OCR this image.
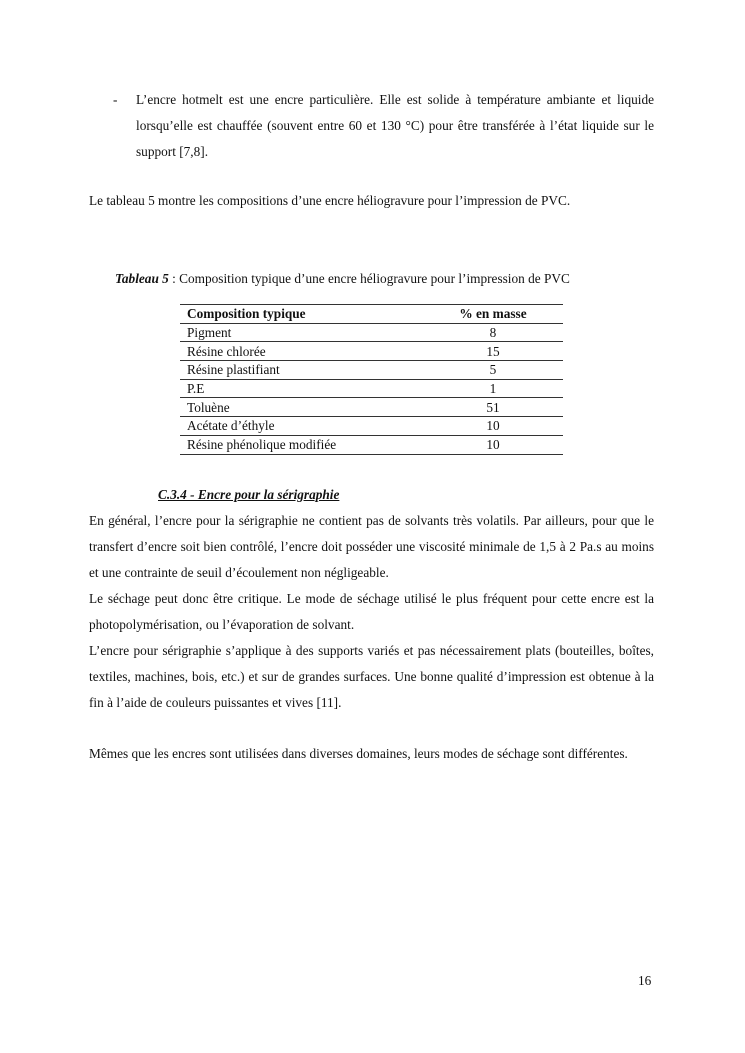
- L’encre hotmelt est une encre particulière. Elle est solide à température ambiante et liquide lorsqu’elle est chauffée (souvent entre 60 et 130 °C) pour être transférée à l’état liquide sur le support [7,8].
Le tableau 5 montre les compositions d’une encre héliogravure pour l’impression de PVC.
Tableau 5 : Composition typique d’une encre héliogravure pour l’impression de PVC
Composition typique	% en masse
Pigment	8
Résine chlorée	15
Résine plastifiant	5
P.E	1
Toluène	51
Acétate d’éthyle	10
Résine phénolique modifiée	10
C.3.4 - Encre pour la sérigraphie
En général, l’encre pour la sérigraphie ne contient pas de solvants très volatils. Par ailleurs, pour que le transfert d’encre soit bien contrôlé, l’encre doit posséder une viscosité minimale de 1,5 à 2 Pa.s au moins et une contrainte de seuil d’écoulement non négligeable.
Le séchage peut donc être critique. Le mode de séchage utilisé le plus fréquent pour cette encre est la photopolymérisation, ou l’évaporation de solvant.
L’encre pour sérigraphie s’applique à des supports variés et pas nécessairement plats (bouteilles, boîtes, textiles, machines, bois, etc.) et sur de grandes surfaces. Une bonne qualité d’impression est obtenue à la fin à l’aide de couleurs puissantes et vives [11].
Mêmes que les encres sont utilisées dans diverses domaines, leurs modes de séchage sont différentes.
16
